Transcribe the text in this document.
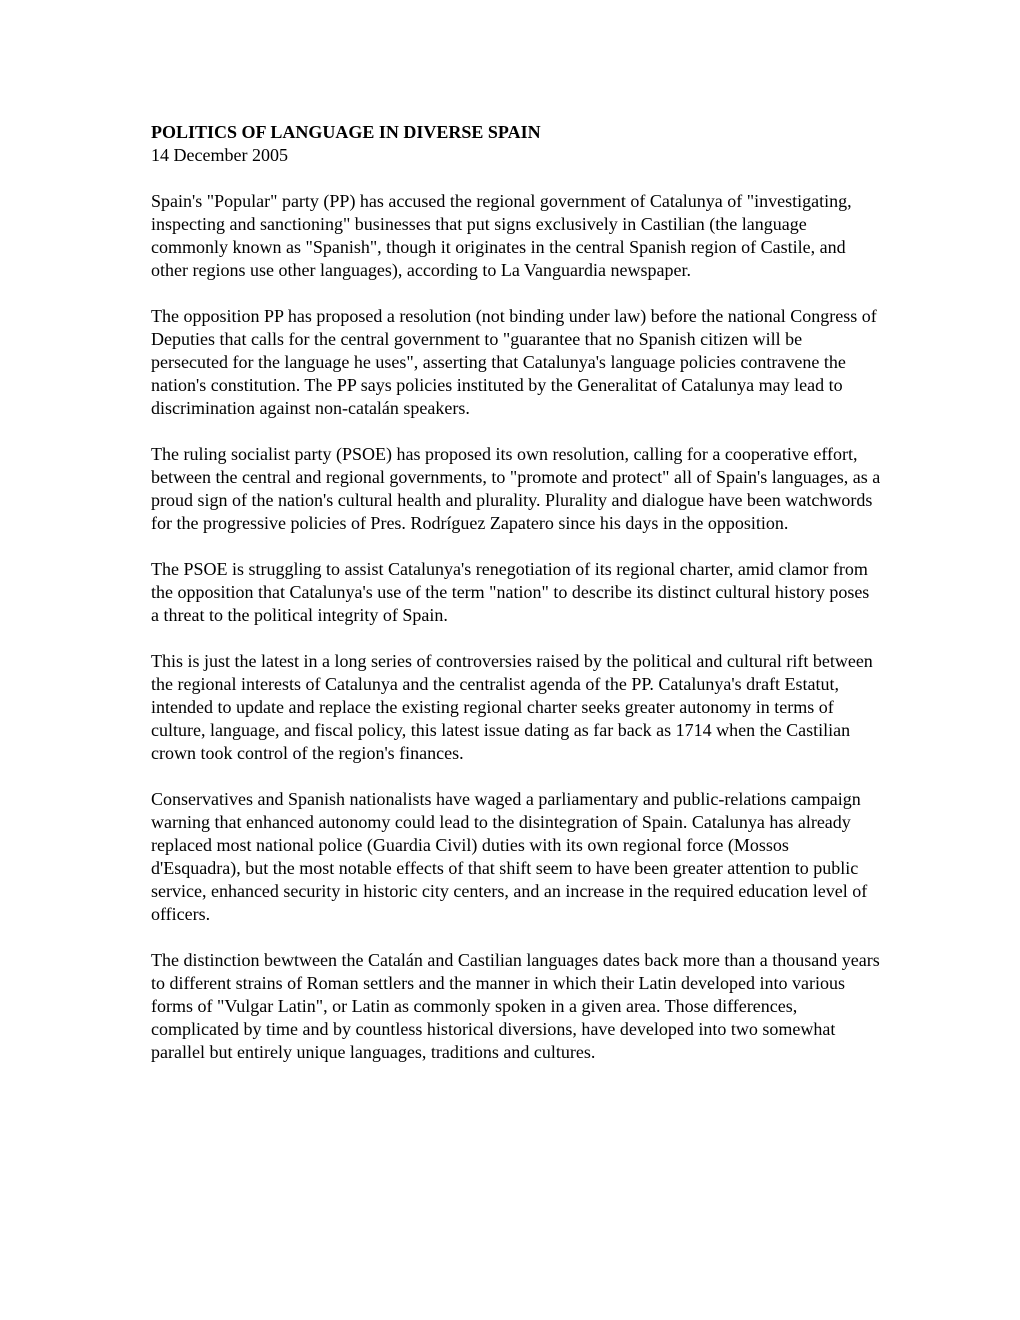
POLITICS OF LANGUAGE IN DIVERSE SPAIN

14 December 2005

Spain's "Popular" party (PP) has accused the regional government of Catalunya of "investigating, inspecting and sanctioning" businesses that put signs exclusively in Castilian (the language commonly known as "Spanish", though it originates in the central Spanish region of Castile, and other regions use other languages), according to La Vanguardia newspaper.

The opposition PP has proposed a resolution (not binding under law) before the national Congress of Deputies that calls for the central government to "guarantee that no Spanish citizen will be persecuted for the language he uses", asserting that Catalunya's language policies contravene the nation's constitution. The PP says policies instituted by the Generalitat of Catalunya may lead to discrimination against non-catalán speakers.

The ruling socialist party (PSOE) has proposed its own resolution, calling for a cooperative effort, between the central and regional governments, to "promote and protect" all of Spain's languages, as a proud sign of the nation's cultural health and plurality. Plurality and dialogue have been watchwords for the progressive policies of Pres. Rodríguez Zapatero since his days in the opposition.

The PSOE is struggling to assist Catalunya's renegotiation of its regional charter, amid clamor from the opposition that Catalunya's use of the term "nation" to describe its distinct cultural history poses a threat to the political integrity of Spain.

This is just the latest in a long series of controversies raised by the political and cultural rift between the regional interests of Catalunya and the centralist agenda of the PP. Catalunya's draft Estatut, intended to update and replace the existing regional charter seeks greater autonomy in terms of culture, language, and fiscal policy, this latest issue dating as far back as 1714 when the Castilian crown took control of the region's finances.

Conservatives and Spanish nationalists have waged a parliamentary and public-relations campaign warning that enhanced autonomy could lead to the disintegration of Spain. Catalunya has already replaced most national police (Guardia Civil) duties with its own regional force (Mossos d'Esquadra), but the most notable effects of that shift seem to have been greater attention to public service, enhanced security in historic city centers, and an increase in the required education level of officers.

The distinction bewtween the Catalán and Castilian languages dates back more than a thousand years to different strains of Roman settlers and the manner in which their Latin developed into various forms of "Vulgar Latin", or Latin as commonly spoken in a given area. Those differences, complicated by time and by countless historical diversions, have developed into two somewhat parallel but entirely unique languages, traditions and cultures.
